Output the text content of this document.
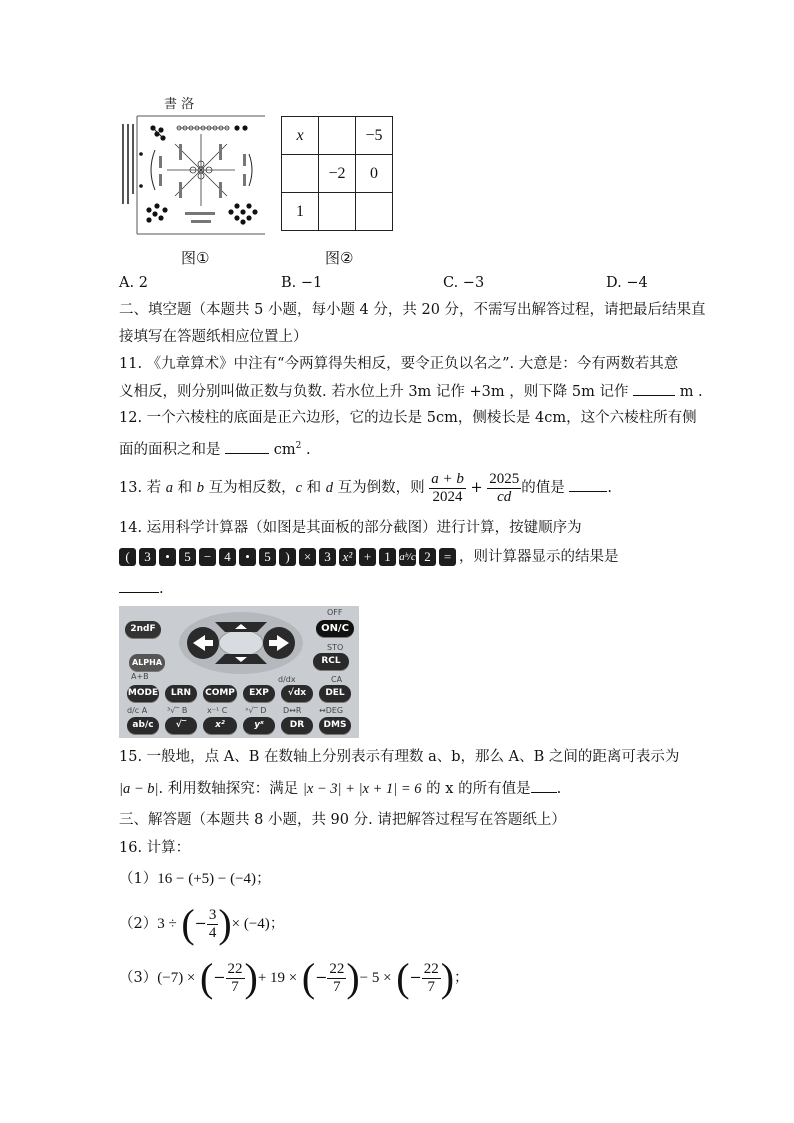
書 洛
x		−5
	−2	0
1		
图①	图②
A. 2	B. −1	C. −3	D. −4
二、填空题（本题共 5 小题，每小题 4 分，共 20 分，不需写出解答过程，请把最后结果直
接填写在答题纸相应位置上）
11. 《九章算术》中注有“今两算得失相反，要令正负以名之”. 大意是：今有两数若其意
义相反，则分别叫做正数与负数. 若水位上升 3m 记作 +3m ，则下降 5m 记作	m .
12. 一个六棱柱的底面是正六边形，它的边长是 5cm，侧棱长是 4cm，这个六棱柱所有侧
面的面积之和是	$cm^2$ .
13. 若 a 和 b 互为相反数，c 和 d 互为倒数，则 $\frac{a + b}{2024} + \frac{2025}{cd}$ 的值是	.
14. 运用科学计算器（如图是其面板的部分截图）进行计算，按键顺序为
( 3 • 5 − 4 • 5 ) × 3 x² + 1 aᵇ/c 2 = ，则计算器显示的结果是
.
OFF
2ndF	ON/C
STO
ALPHA	RCL
A+B	d/dx	CA
MODE	LRN	COMP	EXP	√dx	DEL
d/c A ³√‾ B x⁻¹ C ˣ√‾ D D↔R ↔DEG
ab/c	√‾	x²	yˣ	DR	DMS
15. 一般地，点 A、B 在数轴上分别表示有理数 a、b，那么 A、B 之间的距离可表示为
|a − b|. 利用数轴探究：满足 |x − 3| + |x + 1| = 6 的 x 的所有值是 .
三、解答题（本题共 8 小题，共 90 分. 请把解答过程写在答题纸上）
16. 计算：
（1）16 − (+5) − (−4)；
（2）3 ÷ (− $\frac{3}{4}$ )× (−4)；
（3）(−7) × (− $\frac{22}{7}$ )+ 19 × (− $\frac{22}{7}$ )− 5 × (− $\frac{22}{7}$ )；
